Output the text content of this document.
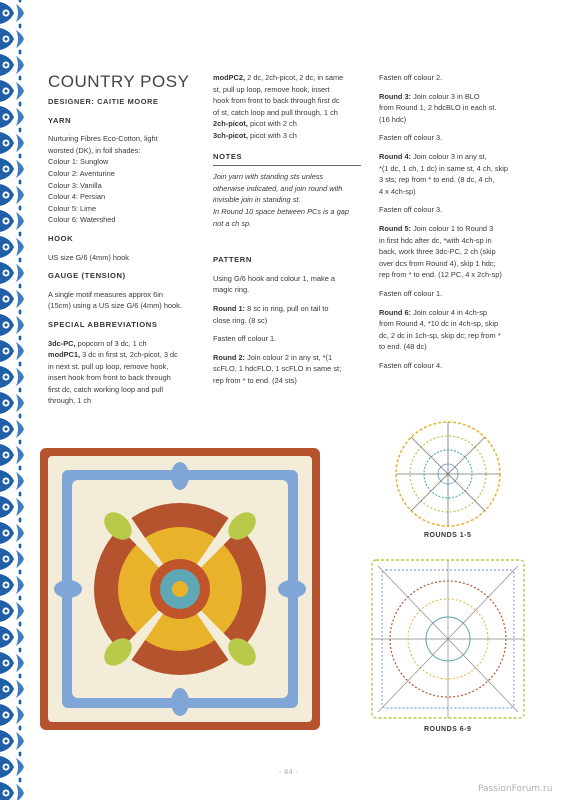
COUNTRY POSY

DESIGNER: CAITIE MOORE

YARN

Nurturing Fibres Eco-Cotton, light
worsted (DK), in foll shades:
Colour 1: Sunglow
Colour 2: Aventurine
Colour 3: Vanilla
Colour 4: Persian
Colour 5: Lime
Colour 6: Watershed

HOOK

US size G/6 (4mm) hook

GAUGE (TENSION)

A single motif measures approx 6in
(15cm) using a US size G/6 (4mm) hook.

SPECIAL ABBREVIATIONS

3dc-PC, popcorn of 3 dc, 1 ch
modPC1, 3 dc in first st, 2ch-picot, 3 dc
in next st. pull up loop, remove hook,
insert hook from front to back through
first dc, catch working loop and pull
through, 1 ch
modPC2, 2 dc, 2ch-picot, 2 dc, in same
st, pull up loop, remove hook, insert
hook from front to back through first dc
of st, catch loop and pull through, 1 ch
2ch-picot, picot with 2 ch
3ch-picot, picot with 3 ch
NOTES
Join yarn with standing sts unless
otherwise indicated, and join round with
invisible join in standing st.
In Round 10 space between PCs is a gap
not a ch sp.

PATTERN

Using G/6 hook and colour 1, make a
magic ring.
Round 1: 8 sc in ring, pull on tail to
close ring. (8 sc)
Fasten off colour 1.
Round 2: Join colour 2 in any st, *(1
scFLO, 1 hdcFLO, 1 scFLO in same st;
rep from * to end. (24 sts)
Fasten off colour 2.
Round 3: Join colour 3 in BLO
from Round 1, 2 hdcBLO in each st.
(16 hdc)
Fasten off colour 3.
Round 4: Join colour 3 in any st,
*(1 dc, 1 ch, 1 dc) in same st, 4 ch, skip
3 sts; rep from * to end. (8 dc, 4 ch,
4 x 4ch-sp)
Fasten off colour 3.
Round 5: Join colour 1 to Round 3
in first hdc after dc, *with 4ch-sp in
back, work three 3dc-PC, 2 ch (skip
over dcs from Round 4), skip 1 hdc;
rep from * to end. (12 PC, 4 x 2ch-sp)
Fasten off colour 1.
Round 6: Join colour 4 in 4ch-sp
from Round 4, *10 dc in 4ch-sp, skip
dc, 2 dc in 1ch-sp, skip dc; rep from *
to end. (48 dc)
Fasten off colour 4.
ROUNDS 1-5
ROUNDS 6-9
- 84 -
PassionForum.ru
